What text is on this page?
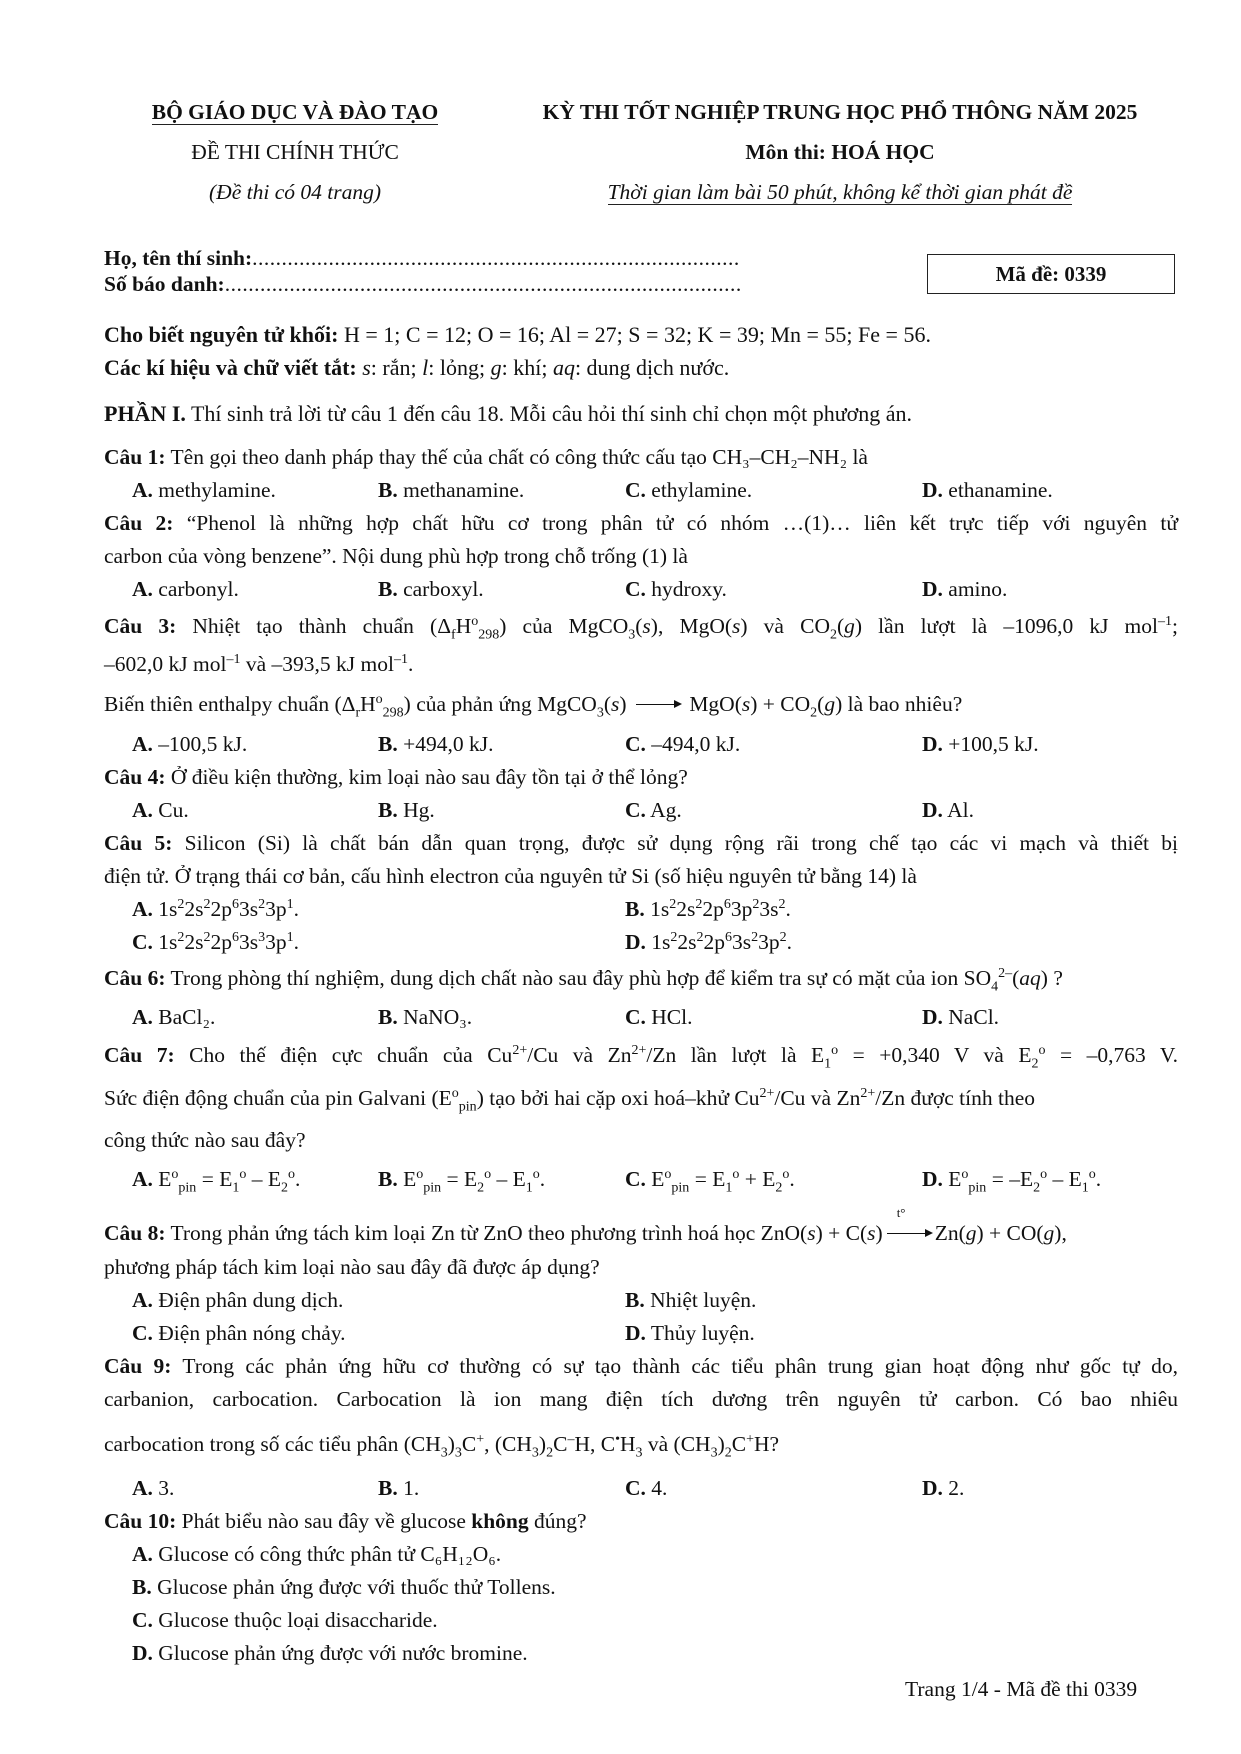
BỘ GIÁO DỤC VÀ ĐÀO TẠO
ĐỀ THI CHÍNH THỨC
(Đề thi có 04 trang)
KỲ THI TỐT NGHIỆP TRUNG HỌC PHỔ THÔNG NĂM 2025
Môn thi: HOÁ HỌC
Thời gian làm bài 50 phút, không kể thời gian phát đề
Họ, tên thí sinh:...................................................................................
Số báo danh:........................................................................................	Mã đề: 0339
Cho biết nguyên tử khối: H = 1; C = 12; O = 16; Al = 27; S = 32; K = 39; Mn = 55; Fe = 56.
Các kí hiệu và chữ viết tắt: s: rắn; l: lỏng; g: khí; aq: dung dịch nước.
PHẦN I. Thí sinh trả lời từ câu 1 đến câu 18. Mỗi câu hỏi thí sinh chỉ chọn một phương án.
Câu 1: Tên gọi theo danh pháp thay thế của chất có công thức cấu tạo CH₃–CH₂–NH₂ là
A. methylamine.	B. methanamine.	C. ethylamine.	D. ethanamine.
Câu 2: “Phenol là những hợp chất hữu cơ trong phân tử có nhóm …(1)… liên kết trực tiếp với nguyên tử
carbon của vòng benzene”. Nội dung phù hợp trong chỗ trống (1) là
A. carbonyl.	B. carboxyl.	C. hydroxy.	D. amino.
Câu 3: Nhiệt tạo thành chuẩn $(\Delta_fH^o_{298})$ của MgCO$_3$(s), MgO(s) và $CO_2(g)$ lần lượt là –1096,0 kJ mol$^{-1}$;
–602,0 kJ mol$^{-1}$ và –393,5 kJ mol$^{-1}$.
Biến thiên enthalpy chuẩn $(\Delta_rH^o_{298})$ của phản ứng MgCO$_3$(s)  $MgO(s) + CO_2(g)$ là bao nhiêu?
A. –100,5 kJ.	B. +494,0 kJ.	C. –494,0 kJ.	D. +100,5 kJ.
Câu 4: Ở điều kiện thường, kim loại nào sau đây tồn tại ở thể lỏng?
A. Cu.	B. Hg.	C. Ag.	D. Al.
Câu 5: Silicon (Si) là chất bán dẫn quan trọng, được sử dụng rộng rãi trong chế tạo các vi mạch và thiết bị
điện tử. Ở trạng thái cơ bản, cấu hình electron của nguyên tử Si (số hiệu nguyên tử bằng 14) là
A. $1s^22s^22p^63s^23p^1$.	B. $1s^22s^22p^63p^23s^2$.
C. $1s^22s^22p^63s^33p^1$.	D. $1s^22s^22p^63s^23p^2$.
Câu 6: Trong phòng thí nghiệm, dung dịch chất nào sau đây phù hợp để kiểm tra sự có mặt của ion $SO_4^{2-}(aq)$ ?
A. BaCl₂.	B. NaNO₃.	C. HCl.	D. NaCl.
Câu 7: Cho thế điện cực chuẩn của $Cu^{2+}/Cu$ và $Zn^{2+}/Zn$ lần lượt là $E_1^o = +0,340$ V và $E_2^o = -0,763$ V.
Sức điện động chuẩn của pin Galvani $(E^o_{pin})$ tạo bởi hai cặp oxi hoá–khử $Cu^{2+}/Cu$ và $Zn^{2+}/Zn$ được tính theo
công thức nào sau đây?
A. $E^o_{pin} = E_1^o - E_2^o$.	B. $E^o_{pin} = E_2^o - E_1^o$.	C. $E^o_{pin} = E_1^o + E_2^o$.	D. $E^o_{pin} = -E_2^o - E_1^o$.
Câu 8: Trong phản ứng tách kim loại Zn từ ZnO theo phương trình hoá học ZnO(s) + C(s)
t°
Zn(g) + CO(g),
phương pháp tách kim loại nào sau đây đã được áp dụng?
A. Điện phân dung dịch.	B. Nhiệt luyện.
C. Điện phân nóng chảy.	D. Thủy luyện.
Câu 9: Trong các phản ứng hữu cơ thường có sự tạo thành các tiểu phân trung gian hoạt động như gốc tự do,
carbanion, carbocation. Carbocation là ion mang điện tích dương trên nguyên tử carbon. Có bao nhiêu
carbocation trong số các tiểu phân $(CH_3)_3C^+$, $(CH_3)_2C^-H$, $C^•H_3$ và $(CH_3)_2C^+H$?
A. 3.	B. 1.	C. 4.	D. 2.
Câu 10: Phát biểu nào sau đây về glucose không đúng?
A. Glucose có công thức phân tử C₆H₁₂O₆.
B. Glucose phản ứng được với thuốc thử Tollens.
C. Glucose thuộc loại disaccharide.
D. Glucose phản ứng được với nước bromine.
Trang 1/4 - Mã đề thi 0339
